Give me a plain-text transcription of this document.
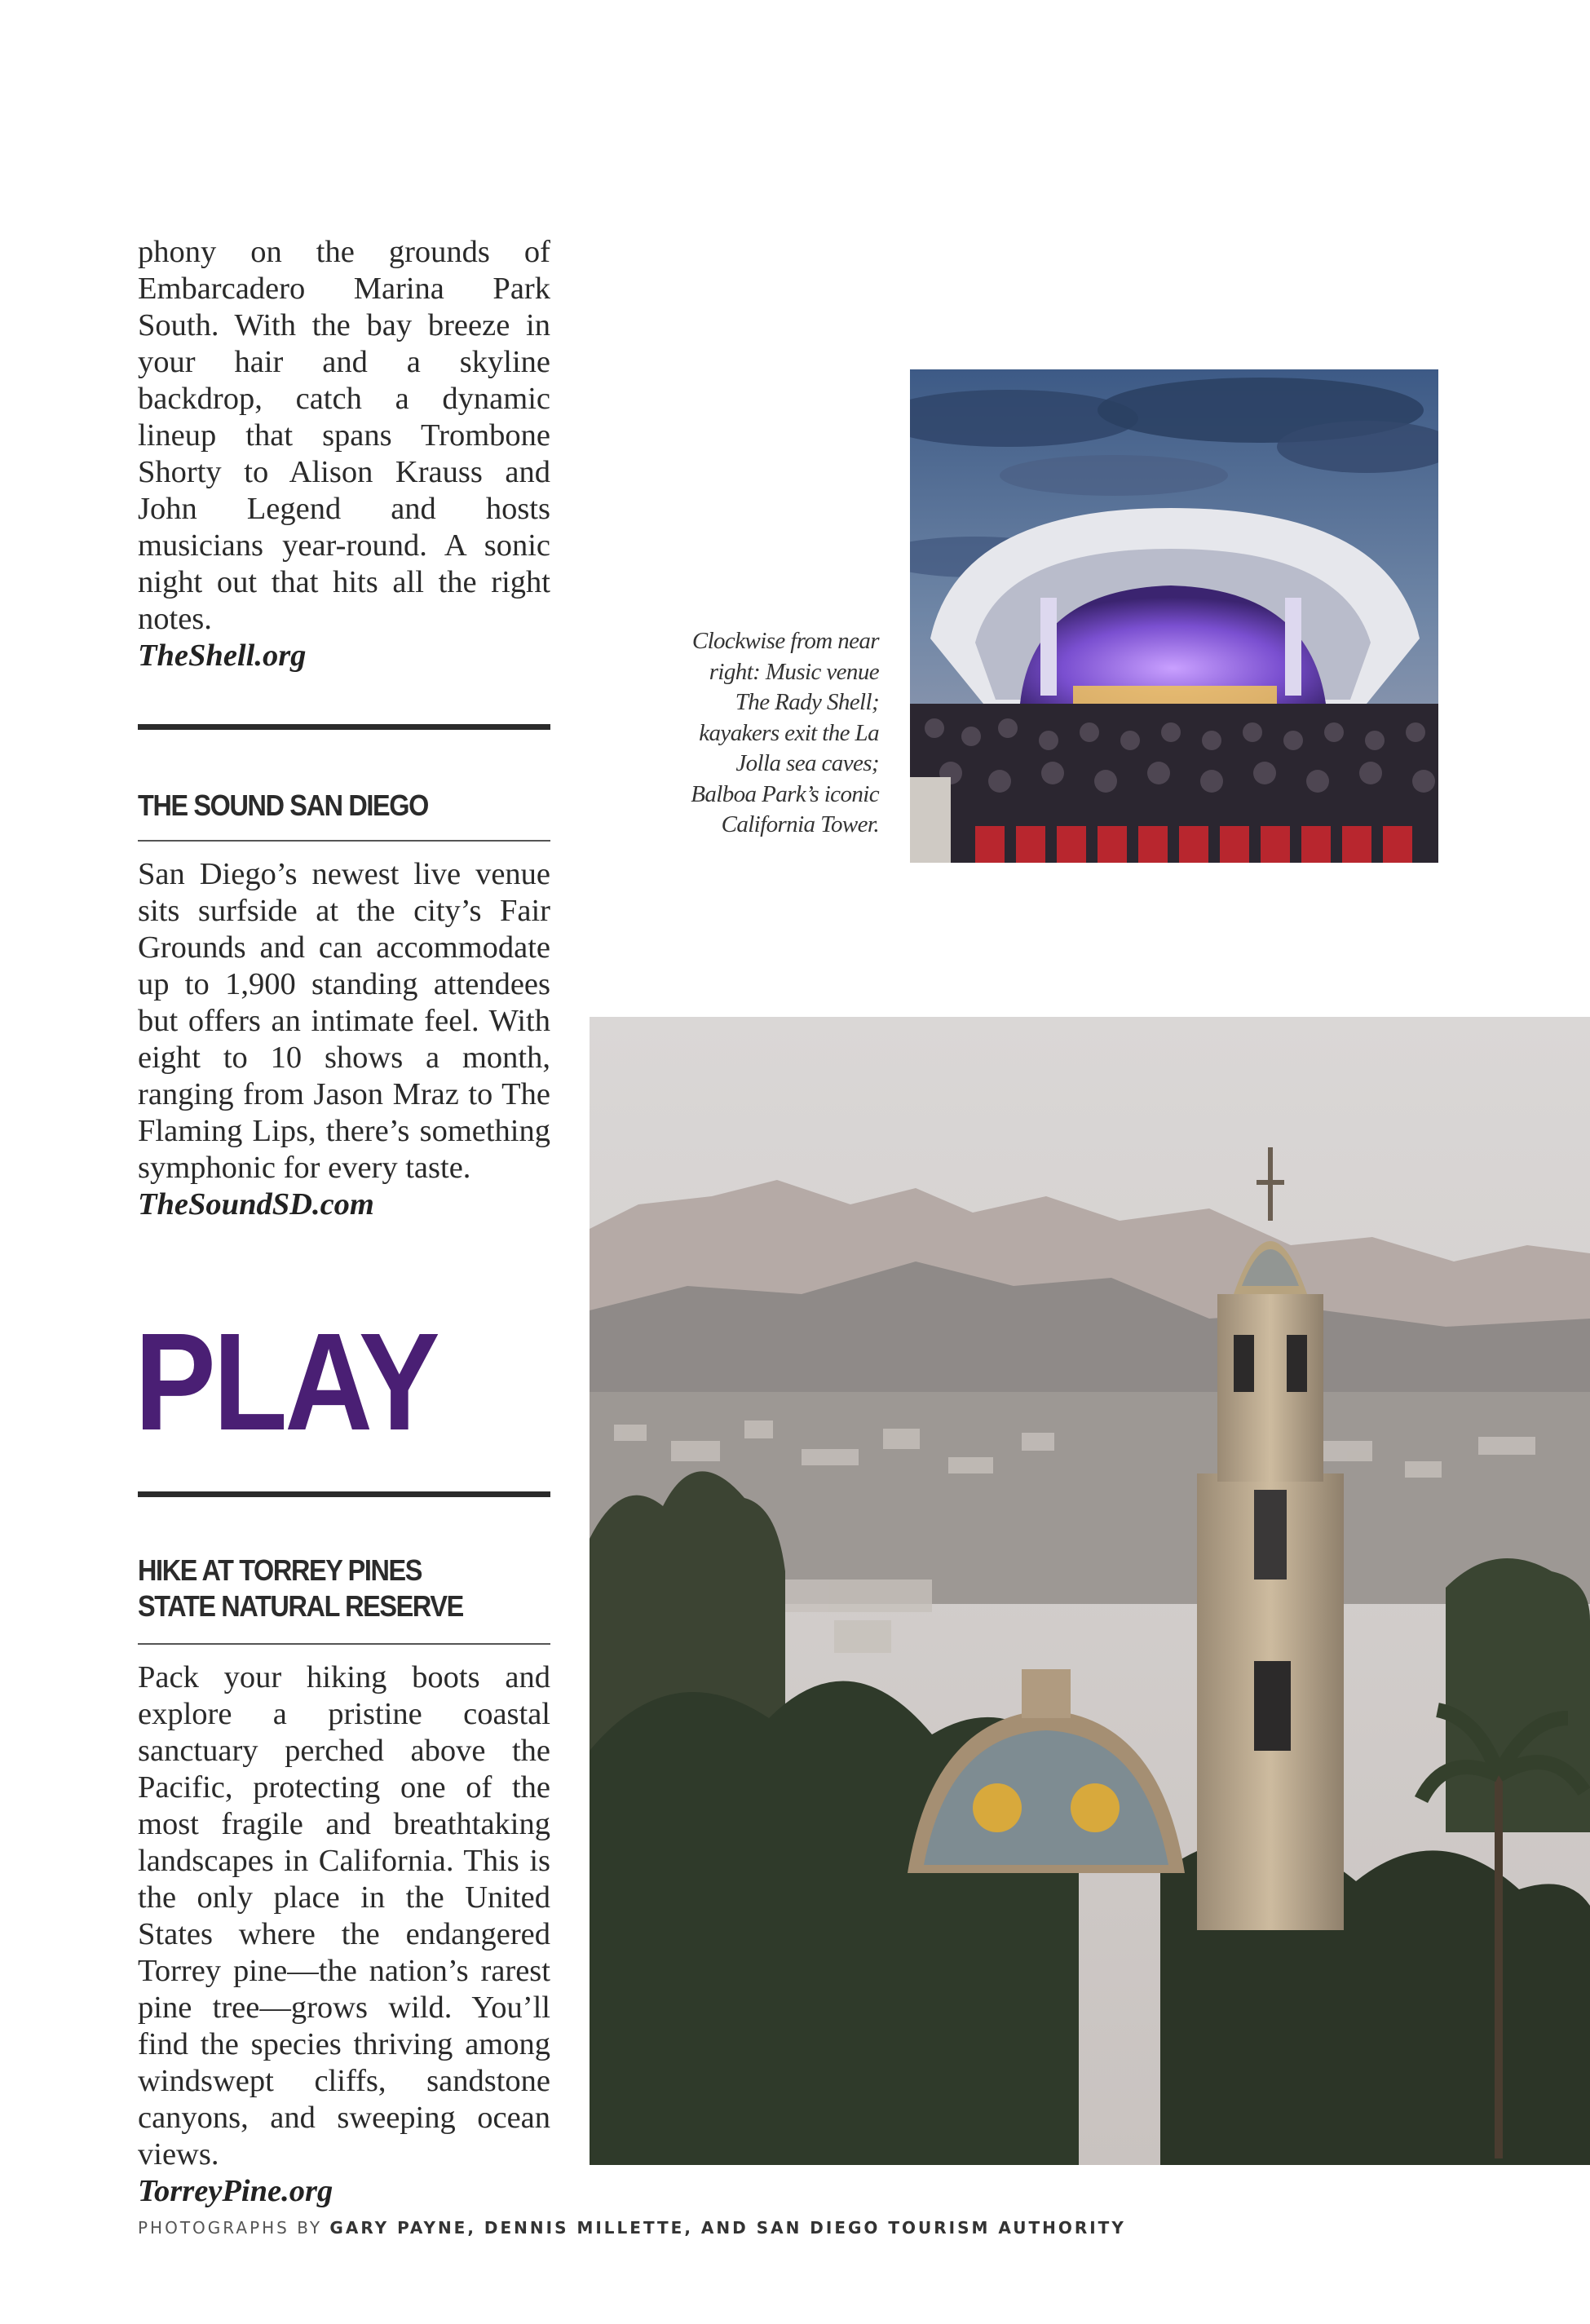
phony on the grounds of Embarcadero Marina Park South. With the bay breeze in your hair and a skyline backdrop, catch a dynamic lineup that spans Trombone Shorty to Alison Krauss and John Legend and hosts musicians year-round. A sonic night out that hits all the right notes.

TheShell.org
THE SOUND SAN DIEGO

San Diego’s newest live venue sits surfside at the city’s Fair Grounds and can accommodate up to 1,900 standing attendees but offers an intimate feel. With eight to 10 shows a month, ranging from Jason Mraz to The Flaming Lips, there’s something symphonic for every taste.

TheSoundSD.com
PLAY
HIKE AT TORREY PINES
STATE NATURAL RESERVE

Pack your hiking boots and explore a pristine coastal sanctuary perched above the Pacific, protecting one of the most fragile and breathtaking landscapes in California. This is the only place in the United States where the endangered Torrey pine—the nation’s rarest pine tree—grows wild. You’ll find the species thriving among windswept cliffs, sandstone canyons, and sweeping ocean views.

TorreyPine.org
Clockwise from near right: Music venue The Rady Shell; kayakers exit the La Jolla sea caves; Balboa Park’s iconic California Tower.
PHOTOGRAPHS BY GARY PAYNE, DENNIS MILLETTE, AND SAN DIEGO TOURISM AUTHORITY
